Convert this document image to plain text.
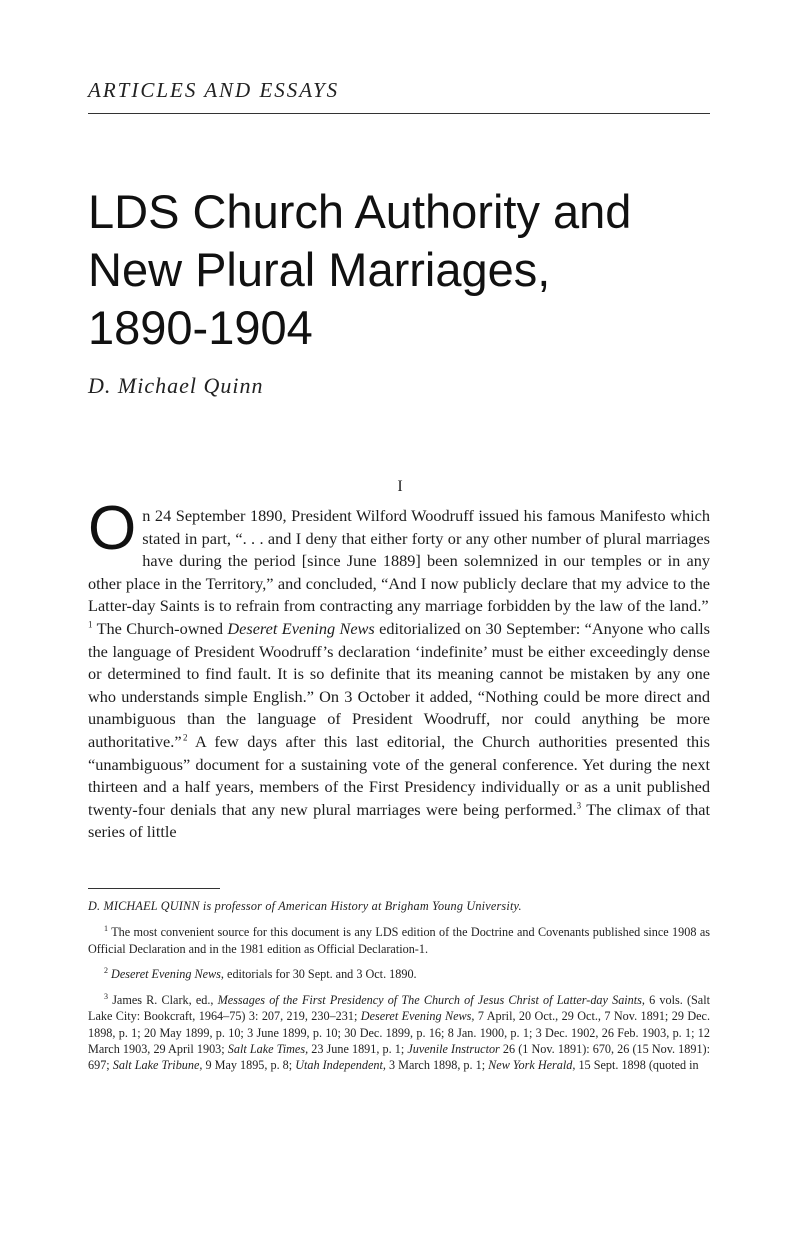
ARTICLES AND ESSAYS
LDS Church Authority and
New Plural Marriages,
1890-1904
D. Michael Quinn
I

On 24 September 1890, President Wilford Woodruff issued his famous Manifesto which stated in part, “. . . and I deny that either forty or any other number of plural marriages have during the period [since June 1889] been solemnized in our temples or in any other place in the Territory,” and concluded, “And I now publicly declare that my advice to the Latter-day Saints is to refrain from contracting any marriage forbidden by the law of the land.” $^1$ The Church-owned Deseret Evening News editorialized on 30 September: “Anyone who calls the language of President Woodruff’s declaration ‘indefinite’ must be either exceedingly dense or determined to find fault. It is so definite that its meaning cannot be mistaken by any one who understands simple English.” On 3 October it added, “Nothing could be more direct and unambiguous than the language of President Woodruff, nor could anything be more authoritative.” $^2$ A few days after this last editorial, the Church authorities presented this “unambiguous” document for a sustaining vote of the general conference. Yet during the next thirteen and a half years, members of the First Presidency individually or as a unit published twenty-four denials that any new plural marriages were being performed.$^3$ The climax of that series of little

D. MICHAEL QUINN is professor of American History at Brigham Young University.

$^1$ The most convenient source for this document is any LDS edition of the Doctrine and Covenants published since 1908 as Official Declaration and in the 1981 edition as Official Declaration-1.

$^2$ Deseret Evening News, editorials for 30 Sept. and 3 Oct. 1890.

$^3$ James R. Clark, ed., Messages of the First Presidency of The Church of Jesus Christ of Latter-day Saints, 6 vols. (Salt Lake City: Bookcraft, 1964–75) 3: 207, 219, 230–231; Deseret Evening News, 7 April, 20 Oct., 29 Oct., 7 Nov. 1891; 29 Dec. 1898, p. 1; 20 May 1899, p. 10; 3 June 1899, p. 10; 30 Dec. 1899, p. 16; 8 Jan. 1900, p. 1; 3 Dec. 1902, 26 Feb. 1903, p. 1; 12 March 1903, 29 April 1903; Salt Lake Times, 23 June 1891, p. 1; Juvenile Instructor 26 (1 Nov. 1891): 670, 26 (15 Nov. 1891): 697; Salt Lake Tribune, 9 May 1895, p. 8; Utah Independent, 3 March 1898, p. 1; New York Herald, 15 Sept. 1898 (quoted in
